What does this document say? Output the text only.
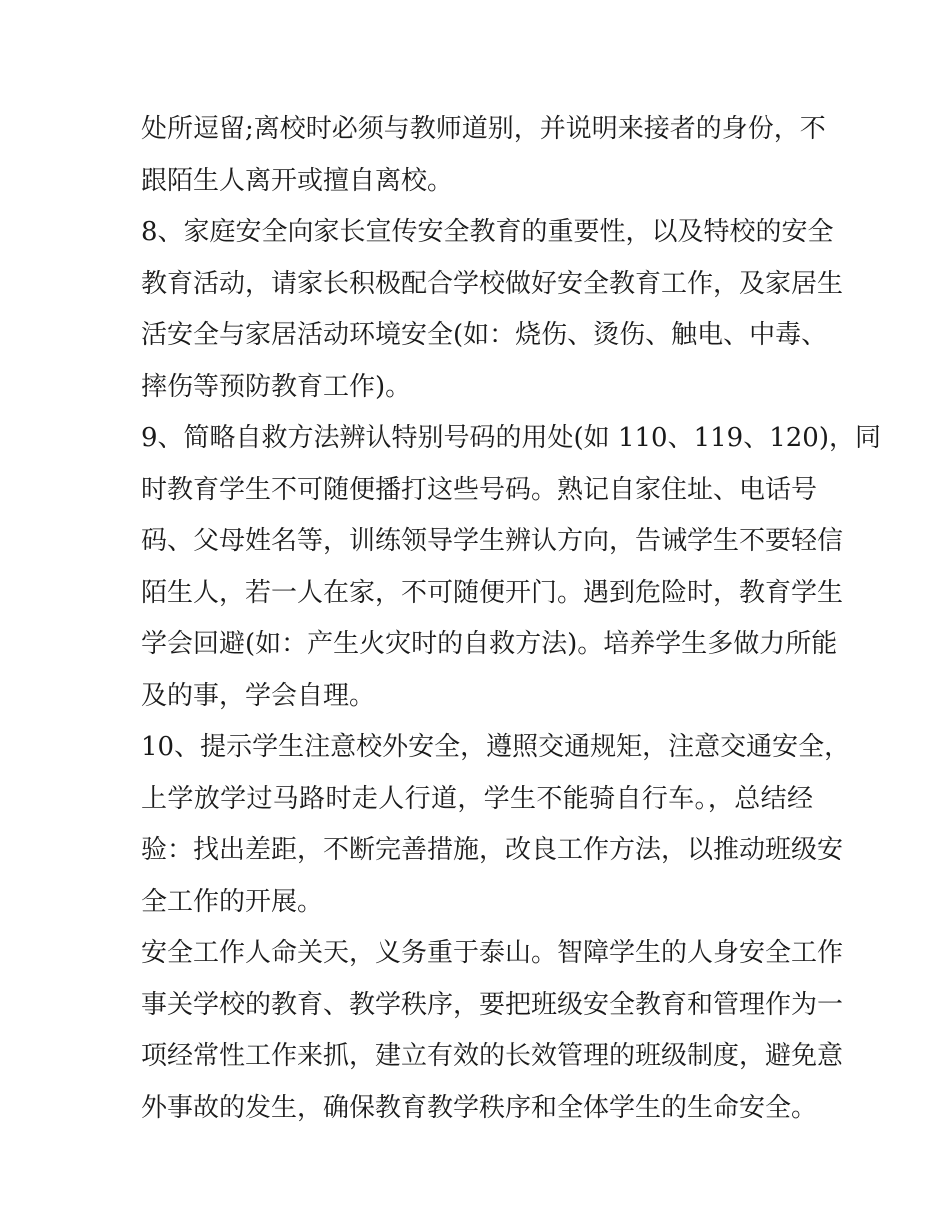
处所逗留;离校时必须与教师道别，并说明来接者的身份，不
跟陌生人离开或擅自离校。
8、家庭安全向家长宣传安全教育的重要性，以及特校的安全
教育活动，请家长积极配合学校做好安全教育工作，及家居生
活安全与家居活动环境安全(如：烧伤、烫伤、触电、中毒、
摔伤等预防教育工作)。
9、简略自救方法辨认特别号码的用处(如 110、119、120)，同
时教育学生不可随便播打这些号码。熟记自家住址、电话号
码、父母姓名等，训练领导学生辨认方向，告诫学生不要轻信
陌生人，若一人在家，不可随便开门。遇到危险时，教育学生
学会回避(如：产生火灾时的自救方法)。培养学生多做力所能
及的事，学会自理。
10、提示学生注意校外安全，遵照交通规矩，注意交通安全，
上学放学过马路时走人行道，学生不能骑自行车。，总结经
验：找出差距，不断完善措施，改良工作方法，以推动班级安
全工作的开展。
安全工作人命关天，义务重于泰山。智障学生的人身安全工作
事关学校的教育、教学秩序，要把班级安全教育和管理作为一
项经常性工作来抓，建立有效的长效管理的班级制度，避免意
外事故的发生，确保教育教学秩序和全体学生的生命安全。
